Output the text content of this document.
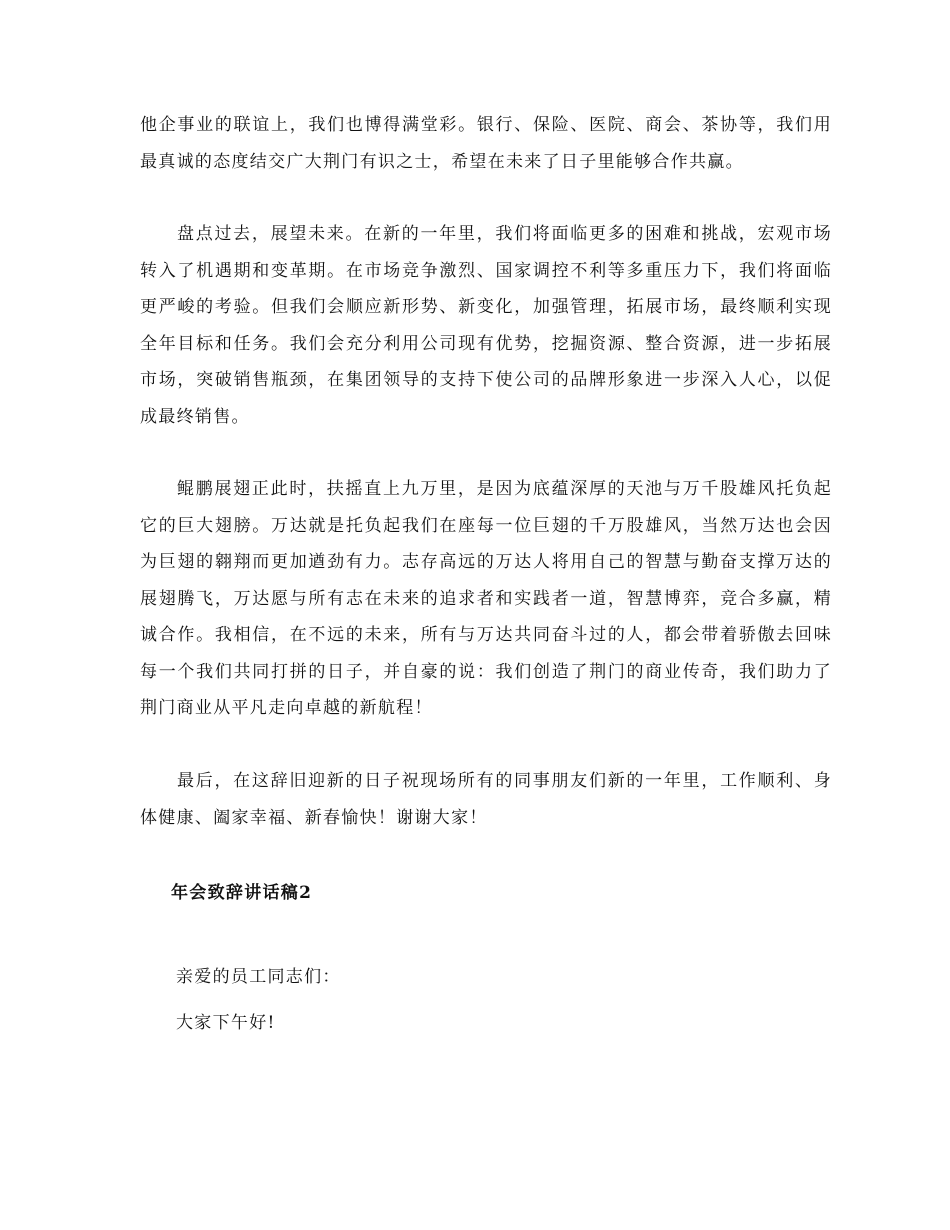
他企事业的联谊上，我们也博得满堂彩。银行、保险、医院、商会、茶协等，我们用最真诚的态度结交广大荆门有识之士，希望在未来了日子里能够合作共赢。

盘点过去，展望未来。在新的一年里，我们将面临更多的困难和挑战，宏观市场转入了机遇期和变革期。在市场竞争激烈、国家调控不利等多重压力下，我们将面临更严峻的考验。但我们会顺应新形势、新变化，加强管理，拓展市场，最终顺利实现全年目标和任务。我们会充分利用公司现有优势，挖掘资源、整合资源，进一步拓展市场，突破销售瓶颈，在集团领导的支持下使公司的品牌形象进一步深入人心，以促成最终销售。

鲲鹏展翅正此时，扶摇直上九万里，是因为底蕴深厚的天池与万千股雄风托负起它的巨大翅膀。万达就是托负起我们在座每一位巨翅的千万股雄风，当然万达也会因为巨翅的翱翔而更加遒劲有力。志存高远的万达人将用自己的智慧与勤奋支撑万达的展翅腾飞，万达愿与所有志在未来的追求者和实践者一道，智慧博弈，竞合多赢，精诚合作。我相信，在不远的未来，所有与万达共同奋斗过的人，都会带着骄傲去回味每一个我们共同打拼的日子，并自豪的说：我们创造了荆门的商业传奇，我们助力了荆门商业从平凡走向卓越的新航程！

最后，在这辞旧迎新的日子祝现场所有的同事朋友们新的一年里，工作顺利、身体健康、阖家幸福、新春愉快！谢谢大家！

年会致辞讲话稿2

亲爱的员工同志们：

大家下午好!
